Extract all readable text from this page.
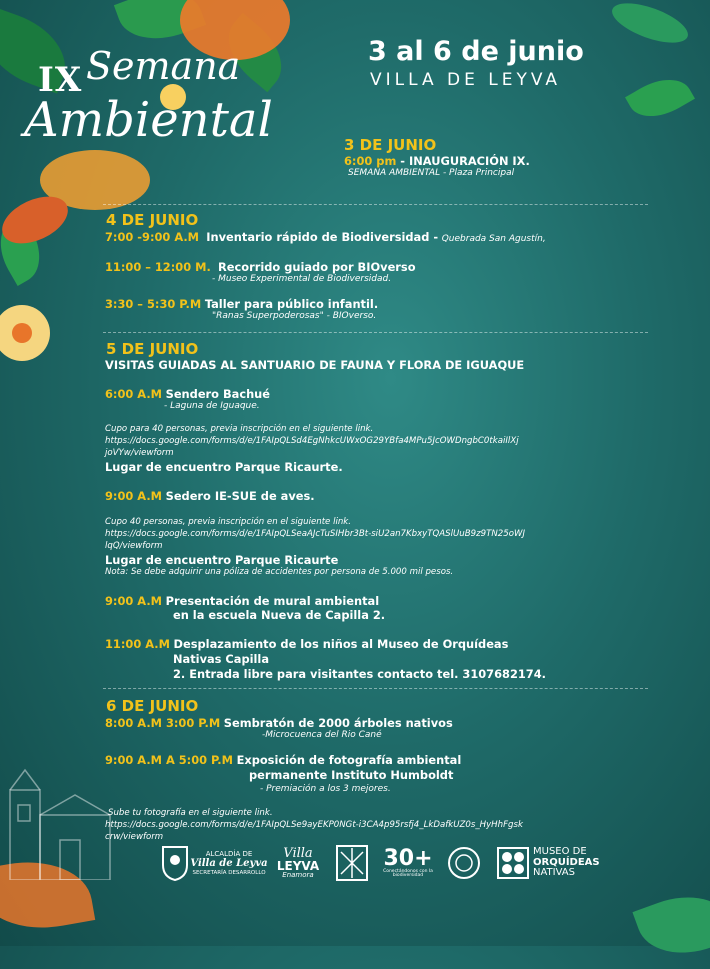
IX Semana
Ambiental
3 al 6 de junio
VILLA DE LEYVA
3 DE JUNIO
6:00 pm - INAUGURACIÓN IX.
SEMANA AMBIENTAL - Plaza Principal
4 DE JUNIO
7:00 -9:00 A.M Inventario rápido de Biodiversidad - Quebrada San Agustín,
11:00 – 12:00 M. Recorrido guiado por BIOverso
- Museo Experimental de Biodiversidad.
3:30 – 5:30 P.M Taller para público infantil.
"Ranas Superpoderosas" - BIOverso.
5 DE JUNIO
VISITAS GUIADAS AL SANTUARIO DE FAUNA Y FLORA DE IGUAQUE
6:00 A.M Sendero Bachué
- Laguna de Iguaque.
Cupo para 40 personas, previa inscripción en el siguiente link.
https://docs.google.com/forms/d/e/1FAIpQLSd4EgNhkcUWxOG29YBfa4MPu5JcOWDngbC0tkaiIlXj
joVYw/viewform
Lugar de encuentro Parque Ricaurte.
9:00 A.M Sedero IE-SUE de aves.
Cupo 40 personas, previa inscripción en el siguiente link.
https://docs.google.com/forms/d/e/1FAIpQLSeaAJcTuSIHbr3Bt-siU2an7KbxyTQASlUuB9z9TN25oWJ
lqQ/viewform
Lugar de encuentro Parque Ricaurte
Nota: Se debe adquirir una póliza de accidentes por persona de 5.000 mil pesos.
9:00 A.M Presentación de mural ambiental
en la escuela Nueva de Capilla 2.
11:00 A.M Desplazamiento de los niños al Museo de Orquídeas
Nativas Capilla
2. Entrada libre para visitantes contacto tel. 3107682174.
6 DE JUNIO
8:00 A.M 3:00 P.M Sembratón de 2000 árboles nativos
-Microcuenca del Rio Cané
9:00 A.M A 5:00 P.M Exposición de fotografía ambiental
permanente Instituto Humboldt
- Premiación a los 3 mejores.
Sube tu fotografía en el siguiente link.
https://docs.google.com/forms/d/e/1FAIpQLSe9ayEKP0NGt-i3CA4p95rsfj4_LkDafkUZ0s_HyHhFgsk
crw/viewform
ALCALDÍA DE
Villa de Leyva
SECRETARÍA DESARROLLO
Villa
LEYVA
Enamora
30+
Conectándonos con la biodiversidad
MUSEO DE
ORQUÍDEAS
NATIVAS
